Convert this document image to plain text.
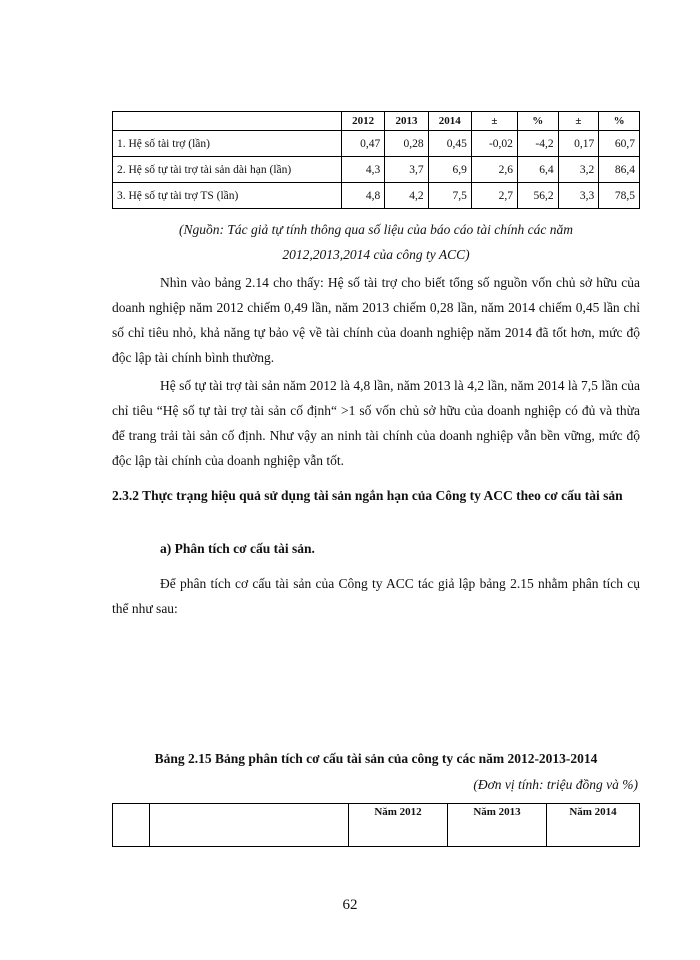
	2012	2013	2014	±	%	±	%
1. Hệ số tài trợ (lần)	0,47	0,28	0,45	-0,02	-4,2	0,17	60,7
2. Hệ số tự tài trợ tài sản dài hạn (lần)	4,3	3,7	6,9	2,6	6,4	3,2	86,4
3. Hệ số tự tài trợ TS (lần)	4,8	4,2	7,5	2,7	56,2	3,3	78,5
(Nguồn: Tác giả tự tính thông qua số liệu của báo cáo tài chính các năm
2012,2013,2014 của công ty ACC)

Nhìn vào bảng 2.14 cho thấy: Hệ số tài trợ cho biết tổng số nguồn vốn chủ sở hữu của doanh nghiệp năm 2012 chiếm 0,49 lần, năm 2013 chiếm 0,28 lần, năm 2014 chiếm 0,45 lần chỉ số chỉ tiêu nhỏ, khả năng tự bảo vệ về tài chính của doanh nghiệp năm 2014 đã tốt hơn, mức độ độc lập tài chính bình thường.

Hệ số tự tài trợ tài sản năm 2012 là 4,8 lần, năm 2013 là 4,2 lần, năm 2014 là 7,5 lần của chỉ tiêu “Hệ số tự tài trợ tài sản cố định“ >1 số vốn chủ sở hữu của doanh nghiệp có đủ và thừa để trang trải tài sản cố định. Như vậy an ninh tài chính của doanh nghiệp vẫn bền vững, mức độ độc lập tài chính của doanh nghiệp vẫn tốt.

2.3.2 Thực trạng hiệu quả sử dụng tài sản ngắn hạn của Công ty ACC theo cơ cấu tài sản

a) Phân tích cơ cấu tài sản.

Để phân tích cơ cấu tài sản của Công ty ACC tác giả lập bảng 2.15 nhằm phân tích cụ thể như sau:

Bảng 2.15 Bảng phân tích cơ cấu tài sản của công ty các năm 2012-2013-2014
(Đơn vị tính: triệu đồng và %)
		Năm 2012	Năm 2013	Năm 2014
62
